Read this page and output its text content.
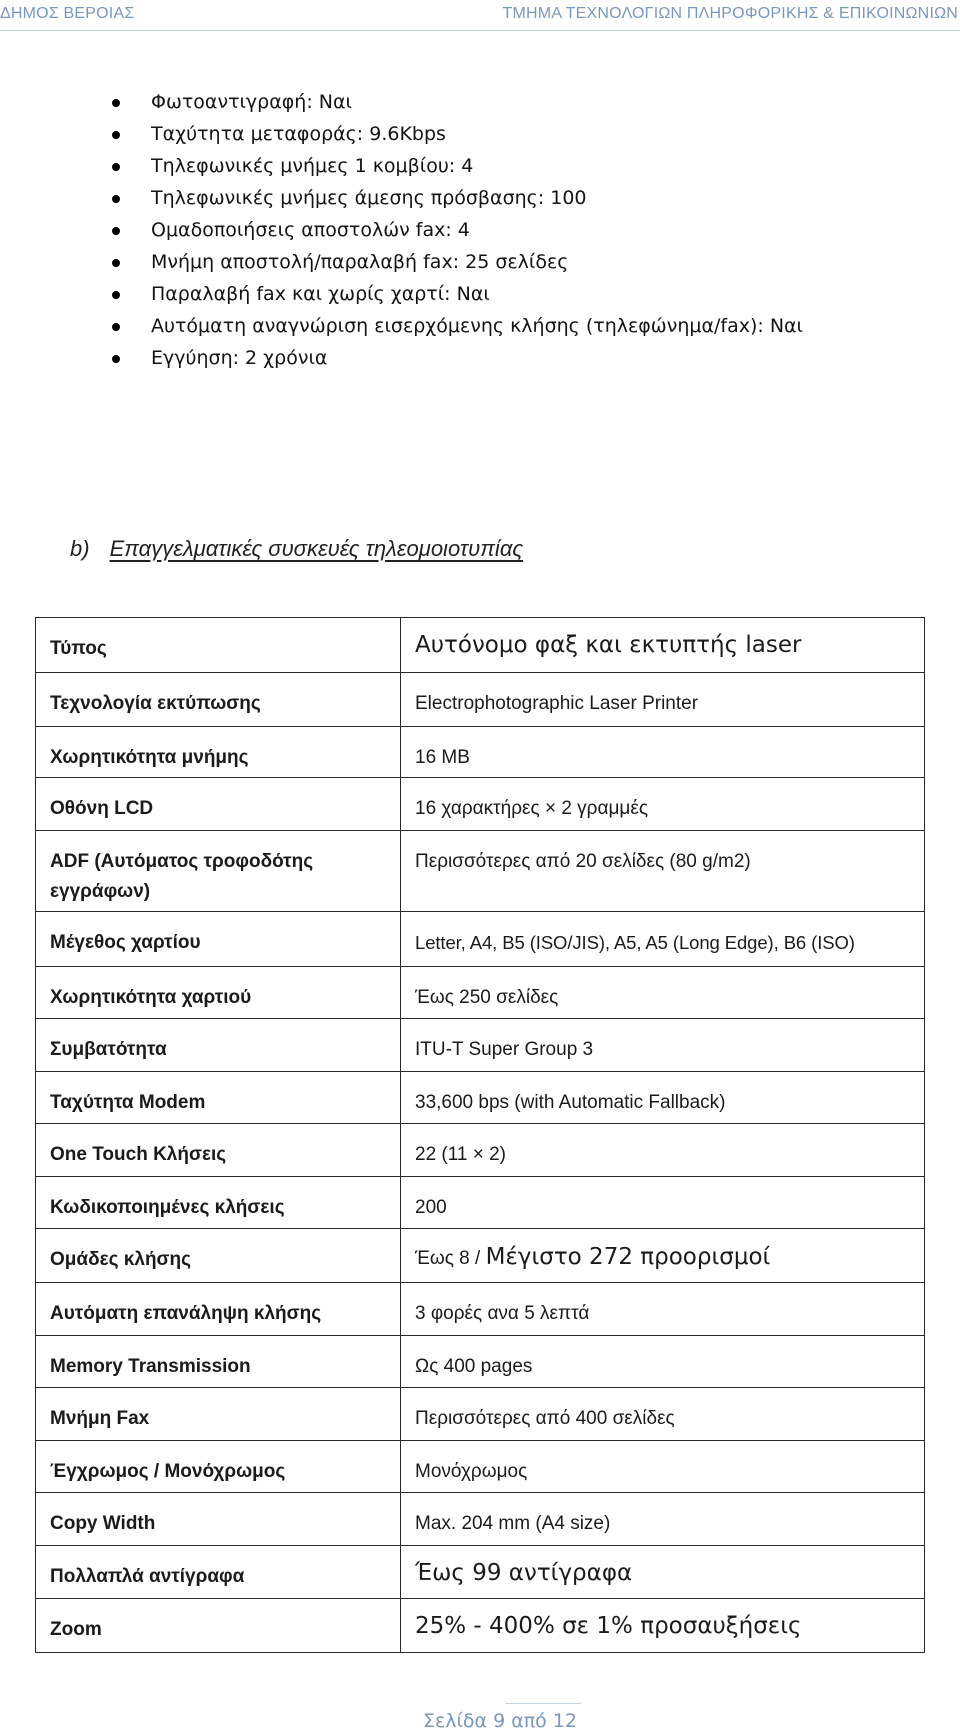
ΔΗΜΟΣ ΒΕΡΟΙΑΣ	ΤΜΗΜΑ ΤΕΧΝΟΛΟΓΙΩΝ ΠΛΗΡΟΦΟΡΙΚΗΣ & ΕΠΙΚΟΙΝΩΝΙΩΝ
Φωτοαντιγραφή: Ναι
Ταχύτητα μεταφοράς: 9.6Kbps
Τηλεφωνικές μνήμες 1 κομβίου: 4
Τηλεφωνικές μνήμες άμεσης πρόσβασης: 100
Ομαδοποιήσεις αποστολών fax: 4
Μνήμη αποστολή/παραλαβή fax: 25 σελίδες
Παραλαβή fax και χωρίς χαρτί: Ναι
Αυτόματη αναγνώριση εισερχόμενης κλήσης (τηλεφώνημα/fax): Ναι
Εγγύηση: 2 χρόνια
b) Επαγγελματικές συσκευές τηλεομοιοτυπίας
Τύπος	Αυτόνομο φαξ και εκτυπτής laser
Τεχνολογία εκτύπωσης	Electrophotographic Laser Printer
Χωρητικότητα μνήμης	16 MB
Οθόνη LCD	16 χαρακτήρες × 2 γραμμές
ADF (Αυτόματος τροφοδότης εγγράφων)	Περισσότερες από 20 σελίδες (80 g/m2)
Μέγεθος χαρτίου	Letter, A4, B5 (ISO/JIS), A5, A5 (Long Edge), B6 (ISO)
Χωρητικότητα χαρτιού	Έως 250 σελίδες
Συμβατότητα	ITU-T Super Group 3
Ταχύτητα Modem	33,600 bps (with Automatic Fallback)
One Touch Κλήσεις	22 (11 × 2)
Κωδικοποιημένες κλήσεις	200
Ομάδες κλήσης	Έως 8 / Μέγιστο 272 προορισμοί
Αυτόματη επανάληψη κλήσης	3 φορές ανα 5 λεπτά
Memory Transmission	Ως 400 pages
Μνήμη Fax	Περισσότερες από 400 σελίδες
Έγχρωμος / Μονόχρωμος	Μονόχρωμος
Copy Width	Max. 204 mm (A4 size)
Πολλαπλά αντίγραφα	Έως 99 αντίγραφα
Zoom	25% - 400% σε 1% προσαυξήσεις
Σελίδα 9 από 12
